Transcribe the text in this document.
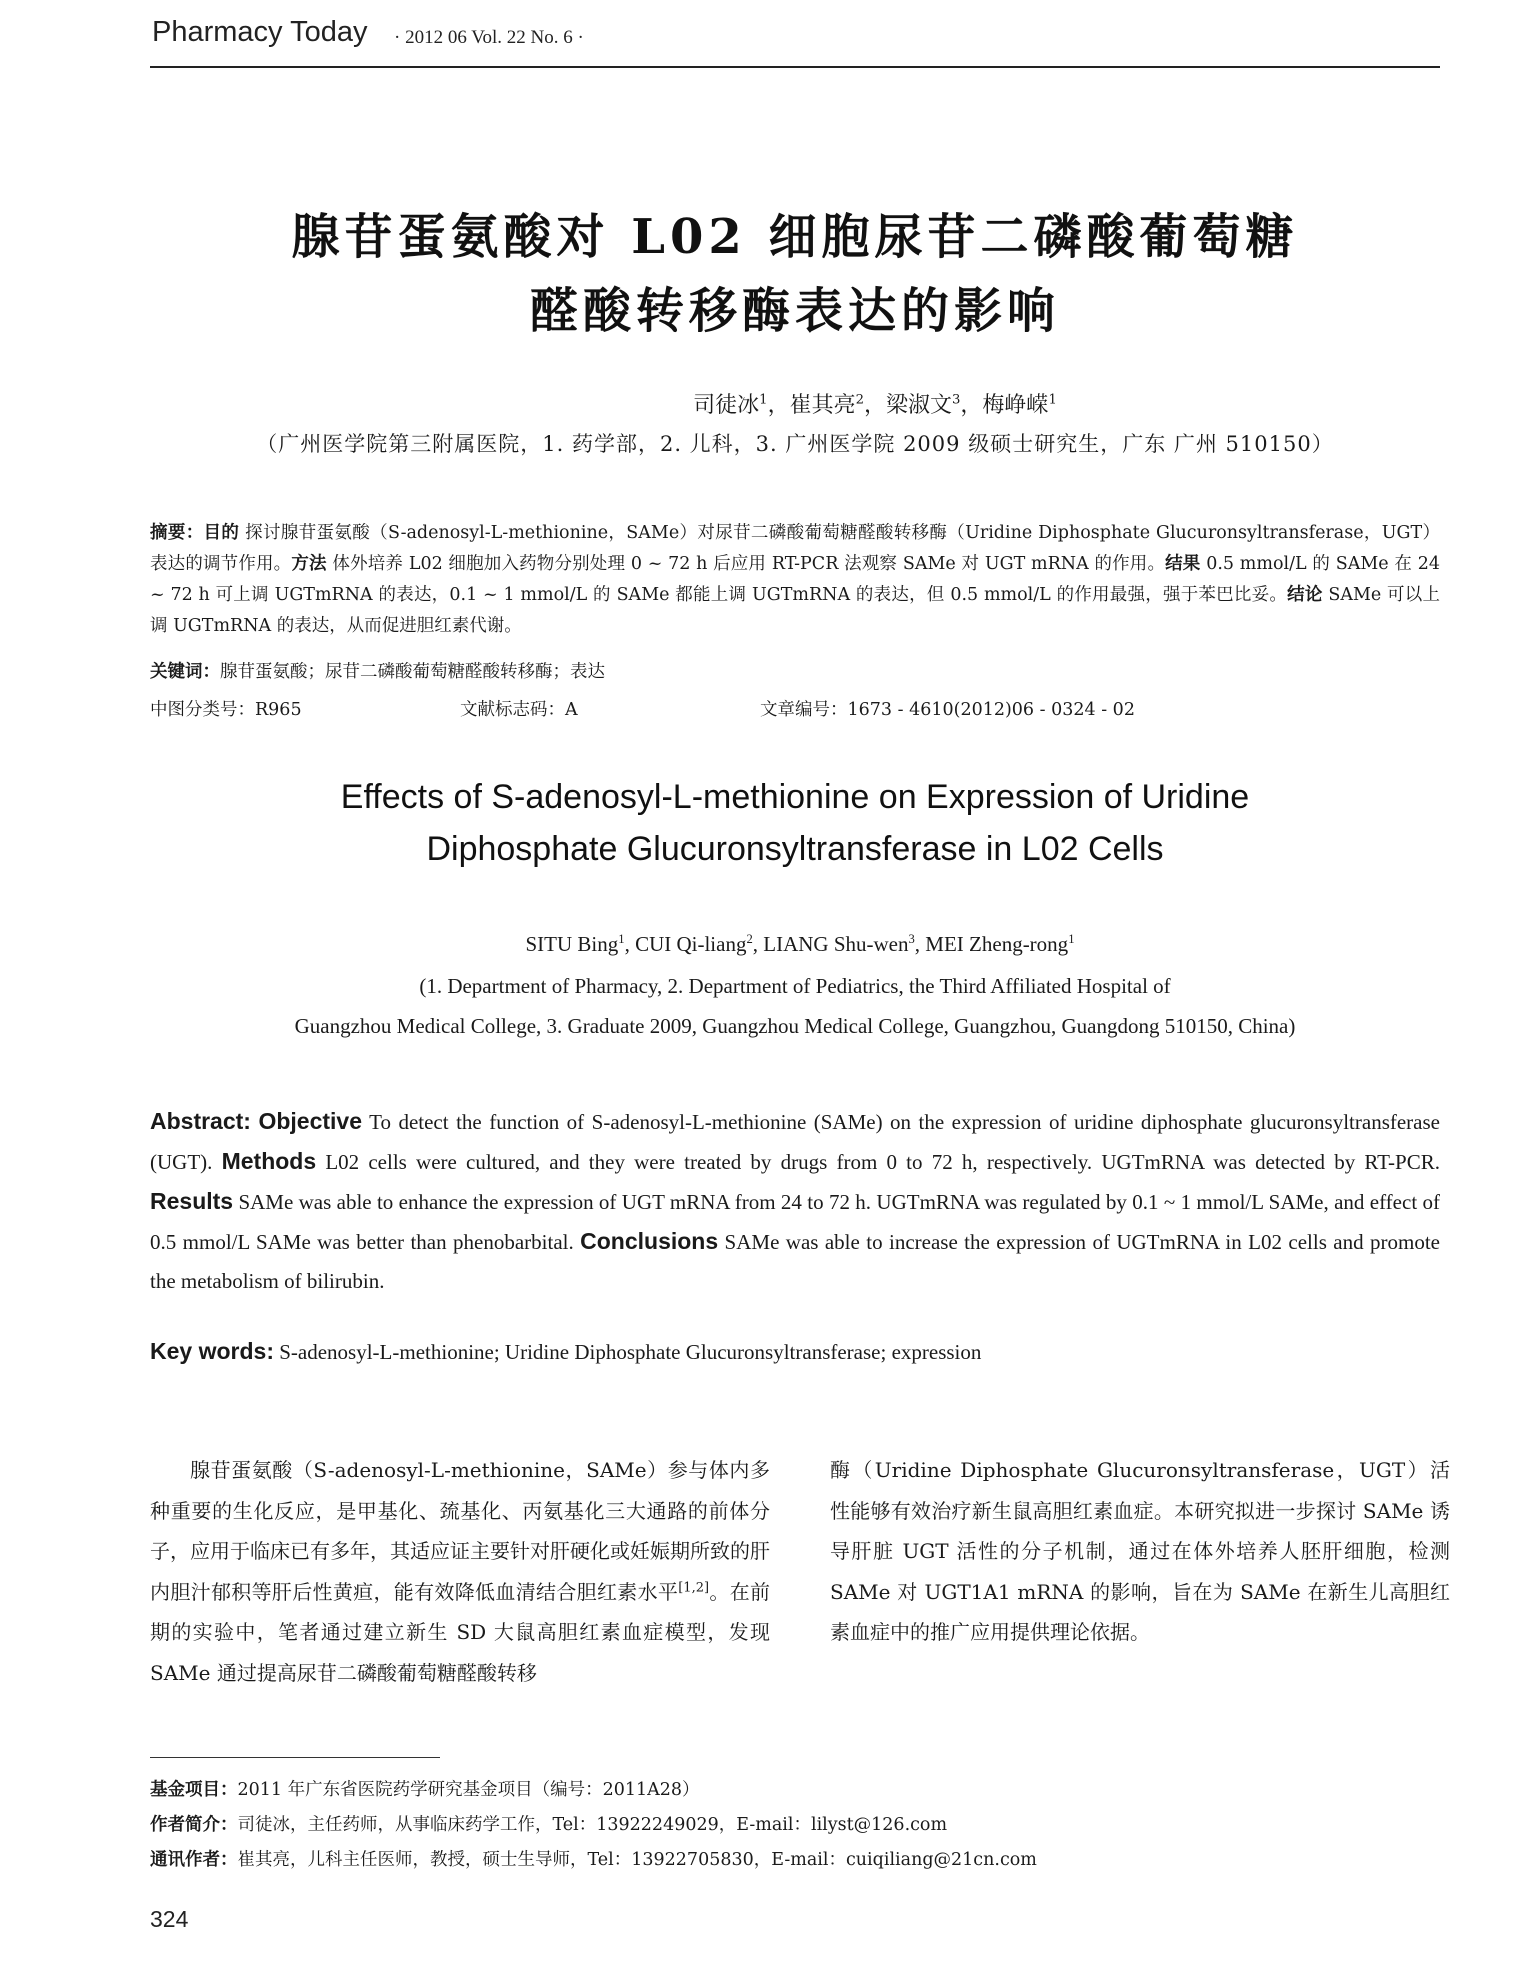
Pharmacy Today · 2012 06 Vol. 22 No. 6 ·
腺苷蛋氨酸对 L02 细胞尿苷二磷酸葡萄糖
醛酸转移酶表达的影响
司徒冰$^1$，崔其亮$^2$，梁淑文$^3$，梅峥嵘$^1$
（广州医学院第三附属医院，1. 药学部，2. 儿科，3. 广州医学院 2009 级硕士研究生，广东 广州 510150）
摘要：目的 探讨腺苷蛋氨酸（S-adenosyl-L-methionine，SAMe）对尿苷二磷酸葡萄糖醛酸转移酶（Uridine Diphosphate Glucuronsyltransferase，UGT）表达的调节作用。方法 体外培养 L02 细胞加入药物分别处理 0 ~ 72 h 后应用 RT-PCR 法观察 SAMe 对 UGT mRNA 的作用。结果 0.5 mmol/L 的 SAMe 在 24 ~ 72 h 可上调 UGTmRNA 的表达，0.1 ~ 1 mmol/L 的 SAMe 都能上调 UGTmRNA 的表达，但 0.5 mmol/L 的作用最强，强于苯巴比妥。结论 SAMe 可以上调 UGTmRNA 的表达，从而促进胆红素代谢。
关键词：腺苷蛋氨酸；尿苷二磷酸葡萄糖醛酸转移酶；表达
中图分类号：R965	文献标志码：A	文章编号：1673 - 4610(2012)06 - 0324 - 02
Effects of S-adenosyl-L-methionine on Expression of Uridine
Diphosphate Glucuronsyltransferase in L02 Cells
SITU Bing$^1$, CUI Qi-liang$^2$, LIANG Shu-wen$^3$, MEI Zheng-rong$^1$
(1. Department of Pharmacy, 2. Department of Pediatrics, the Third Affiliated Hospital of
Guangzhou Medical College, 3. Graduate 2009, Guangzhou Medical College, Guangzhou, Guangdong 510150, China)
Abstract: Objective To detect the function of S-adenosyl-L-methionine (SAMe) on the expression of uridine diphosphate glucuronsyltransferase (UGT). Methods L02 cells were cultured, and they were treated by drugs from 0 to 72 h, respectively. UGTmRNA was detected by RT-PCR. Results SAMe was able to enhance the expression of UGT mRNA from 24 to 72 h. UGTmRNA was regulated by 0.1 ~ 1 mmol/L SAMe, and effect of 0.5 mmol/L SAMe was better than phenobarbital. Conclusions SAMe was able to increase the expression of UGTmRNA in L02 cells and promote the metabolism of bilirubin.
Key words: S-adenosyl-L-methionine; Uridine Diphosphate Glucuronsyltransferase; expression

腺苷蛋氨酸（S-adenosyl-L-methionine，SAMe）参与体内多种重要的生化反应，是甲基化、巯基化、丙氨基化三大通路的前体分子，应用于临床已有多年，其适应证主要针对肝硬化或妊娠期所致的肝内胆汁郁积等肝后性黄疸，能有效降低血清结合胆红素水平[1,2]。在前期的实验中，笔者通过建立新生 SD 大鼠高胆红素血症模型，发现 SAMe 通过提高尿苷二磷酸葡萄糖醛酸转移

酶（Uridine Diphosphate Glucuronsyltransferase，UGT）活性能够有效治疗新生鼠高胆红素血症。本研究拟进一步探讨 SAMe 诱导肝脏 UGT 活性的分子机制，通过在体外培养人胚肝细胞，检测 SAMe 对 UGT1A1 mRNA 的影响，旨在为 SAMe 在新生儿高胆红素血症中的推广应用提供理论依据。

基金项目：2011 年广东省医院药学研究基金项目（编号：2011A28）
作者简介：司徒冰，主任药师，从事临床药学工作，Tel：13922249029，E-mail：lilyst@126.com
通讯作者：崔其亮，儿科主任医师，教授，硕士生导师，Tel：13922705830，E-mail：cuiqiliang@21cn.com
324
